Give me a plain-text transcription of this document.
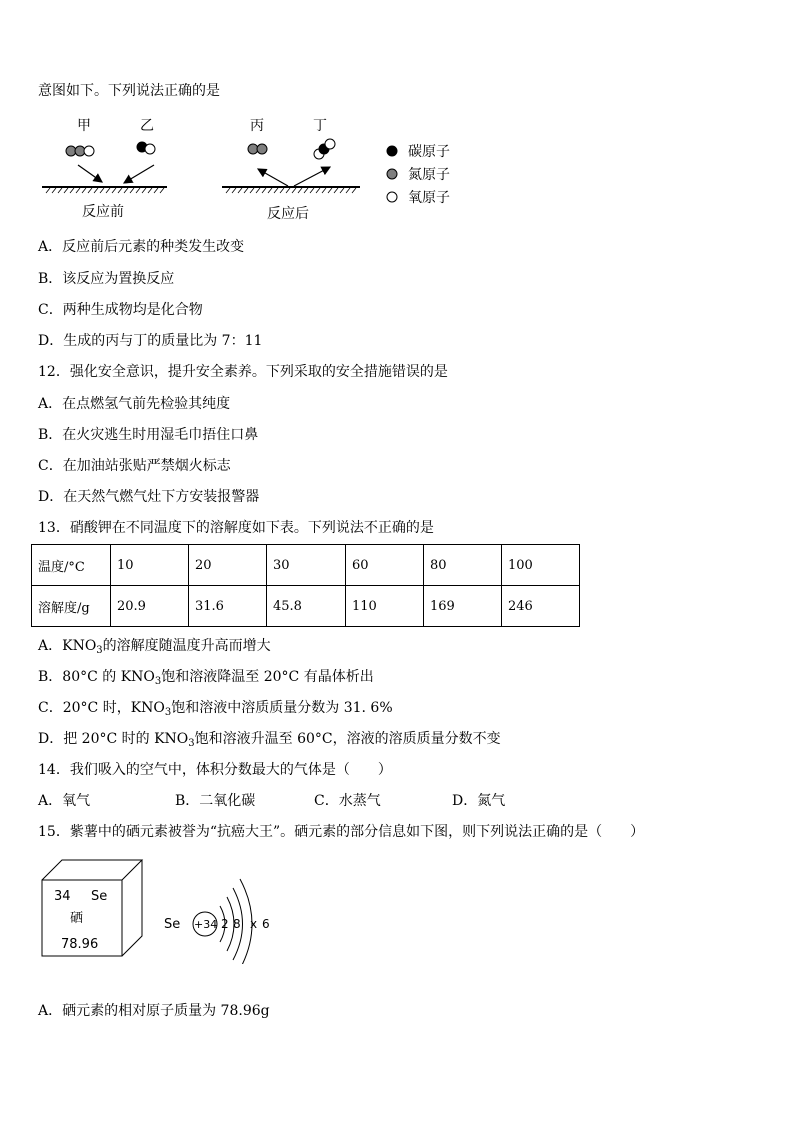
意图如下。下列说法正确的是
甲	乙	丙	丁
反应前	反应后
碳原子
氮原子
氧原子
A．反应前后元素的种类发生改变
B．该反应为置换反应
C．两种生成物均是化合物
D．生成的丙与丁的质量比为 7：11
12．强化安全意识，提升安全素养。下列采取的安全措施错误的是
A．在点燃氢气前先检验其纯度
B．在火灾逃生时用湿毛巾捂住口鼻
C．在加油站张贴严禁烟火标志
D．在天然气燃气灶下方安装报警器
13．硝酸钾在不同温度下的溶解度如下表。下列说法不正确的是
温度/°C	10	20	30	60	80	100
溶解度/g	20.9	31.6	45.8	110	169	246
A．$KNO_3$的溶解度随温度升高而增大
B．80°C 的 $KNO_3$饱和溶液降温至 20°C 有晶体析出
C．20°C 时，$KNO_3$饱和溶液中溶质质量分数为 31. 6%
D．把 20°C 时的 $KNO_3$饱和溶液升温至 60°C，溶液的溶质质量分数不变
14．我们吸入的空气中，体积分数最大的气体是（　　）
A．氧气	B．二氧化碳	C．水蒸气	D．氮气
15．紫薯中的硒元素被誉为“抗癌大王”。硒元素的部分信息如下图，则下列说法正确的是（　　）
34 Se
硒
78.96
Se +34 2 8 x 6
A．硒元素的相对原子质量为 78.96g
